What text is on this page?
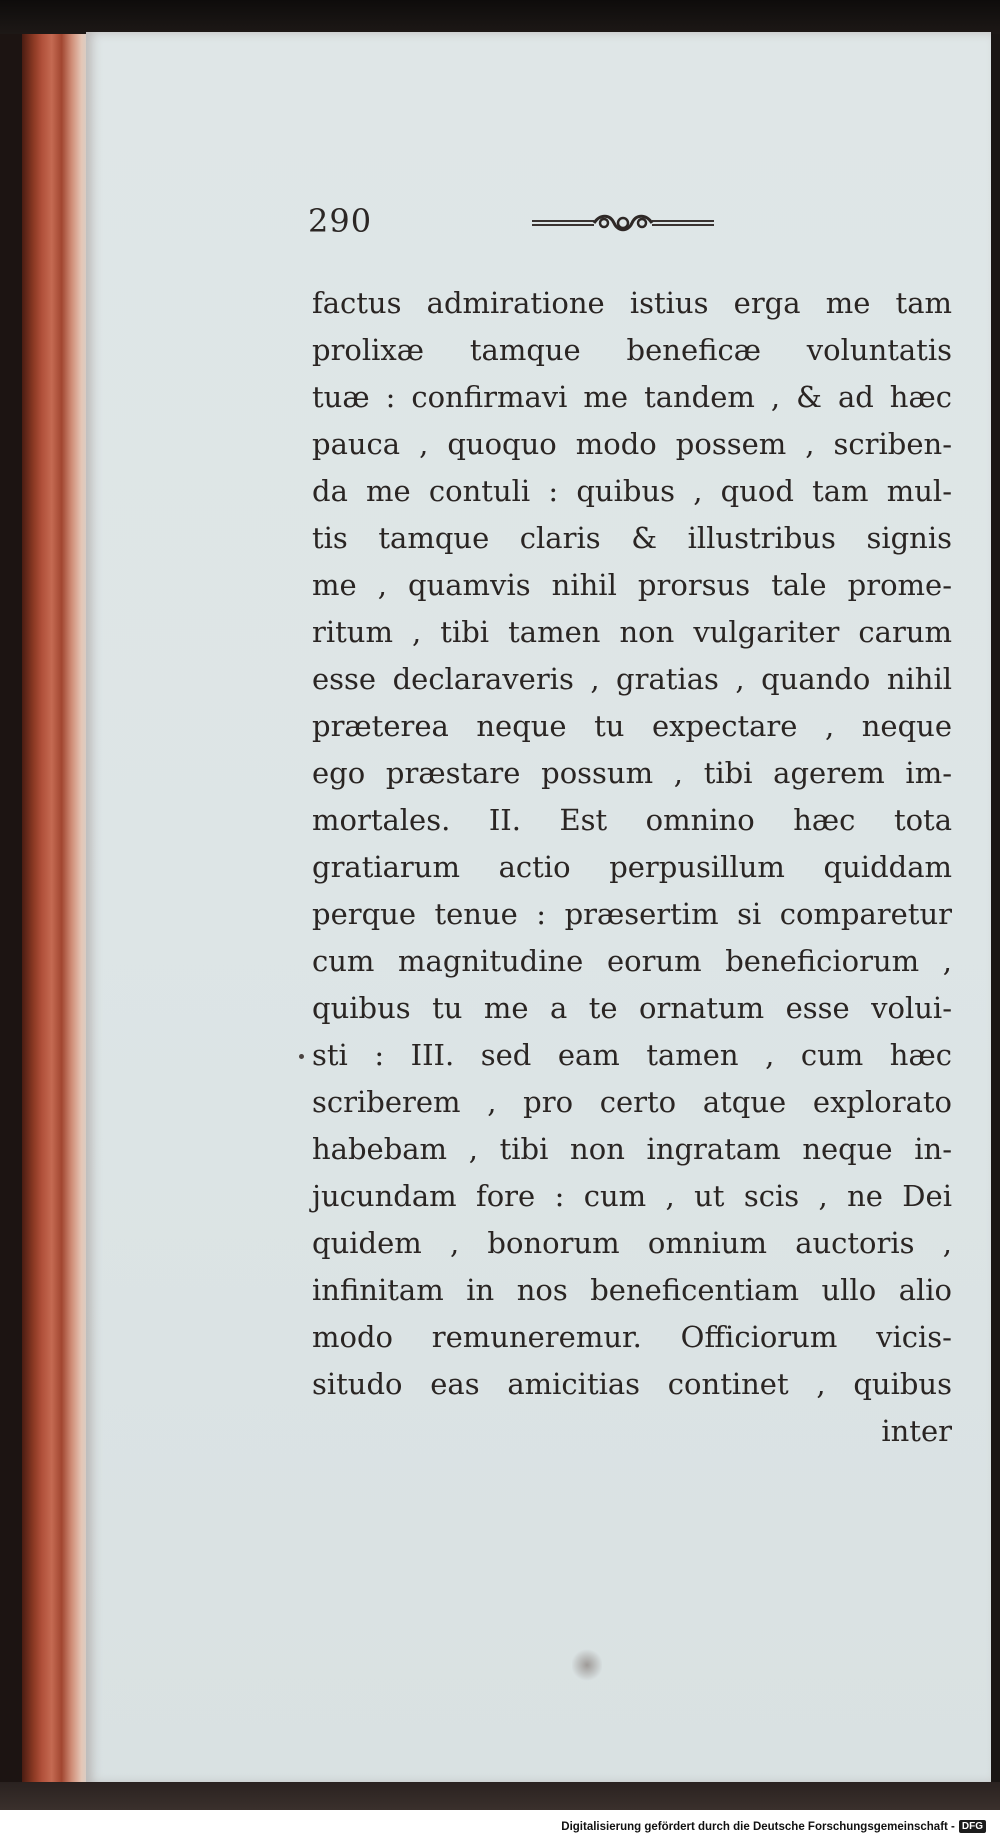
290
factus admiratione istius erga me tam
prolixæ tamque beneficæ voluntatis
tuæ : confirmavi me tandem , & ad hæc
pauca , quoquo modo possem , scriben-
da me contuli : quibus , quod tam mul-
tis tamque claris & illustribus signis
me , quamvis nihil prorsus tale prome-
ritum , tibi tamen non vulgariter carum
esse declaraveris , gratias , quando nihil
præterea neque tu expectare , neque
ego præstare possum , tibi agerem im-
mortales. II. Est omnino hæc tota
gratiarum actio perpusillum quiddam
perque tenue : præsertim si comparetur
cum magnitudine eorum beneficiorum ,
quibus tu me a te ornatum esse volui-
sti : III. sed eam tamen , cum hæc
scriberem , pro certo atque explorato
habebam , tibi non ingratam neque in-
jucundam fore : cum , ut scis , ne Dei
quidem , bonorum omnium auctoris ,
infinitam in nos beneficentiam ullo alio
modo remuneremur. Officiorum vicis-
situdo eas amicitias continet , quibus
inter
Digitalisierung gefördert durch die Deutsche Forschungsgemeinschaft - DFG
